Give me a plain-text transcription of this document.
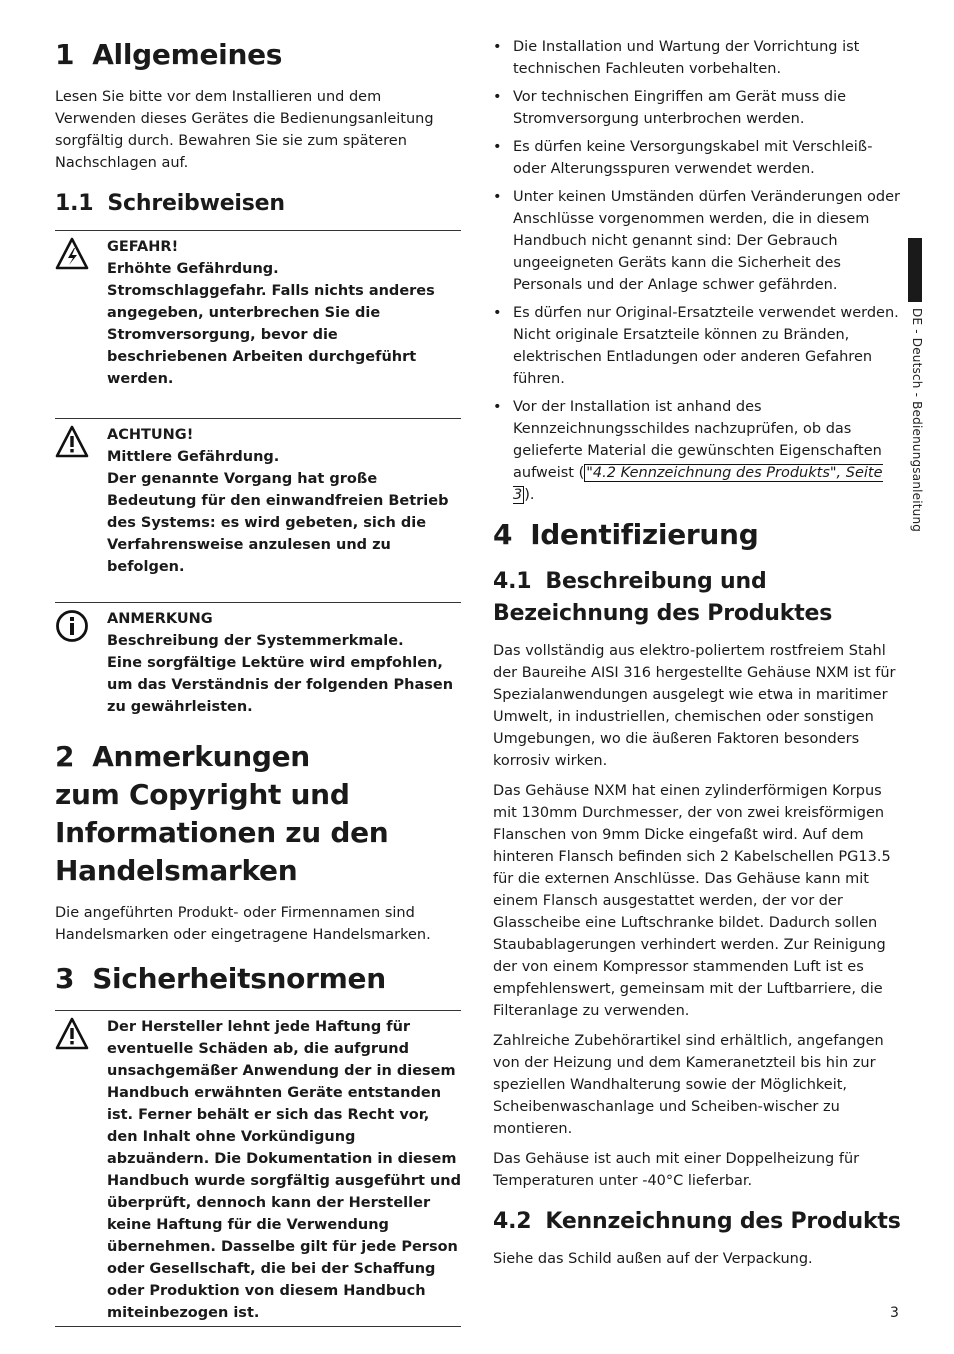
1 Allgemeines

Lesen Sie bitte vor dem Installieren und dem Verwenden dieses Gerätes die Bedienungsanleitung sorgfältig durch. Bewahren Sie sie zum späteren Nachschlagen auf.

1.1 Schreibweisen
GEFAHR!
Erhöhte Gefährdung.
Stromschlaggefahr. Falls nichts anderes angegeben, unterbrechen Sie die Stromversorgung, bevor die beschriebenen Arbeiten durchgeführt werden.
ACHTUNG!
Mittlere Gefährdung.
Der genannte Vorgang hat große Bedeutung für den einwandfreien Betrieb des Systems: es wird gebeten, sich die Verfahrensweise anzulesen und zu befolgen.
ANMERKUNG
Beschreibung der Systemmerkmale.
Eine sorgfältige Lektüre wird empfohlen, um das Verständnis der folgenden Phasen zu gewährleisten.
2 Anmerkungen
zum Copyright und
Informationen zu den
Handelsmarken

Die angeführten Produkt- oder Firmennamen sind Handelsmarken oder eingetragene Handelsmarken.

3 Sicherheitsnormen
Der Hersteller lehnt jede Haftung für eventuelle Schäden ab, die aufgrund unsachgemäßer Anwendung der in diesem Handbuch erwähnten Geräte entstanden ist. Ferner behält er sich das Recht vor, den Inhalt ohne Vorkündigung abzuändern. Die Dokumentation in diesem Handbuch wurde sorgfältig ausgeführt und überprüft, dennoch kann der Hersteller keine Haftung für die Verwendung übernehmen. Dasselbe gilt für jede Person oder Gesellschaft, die bei der Schaffung oder Produktion von diesem Handbuch miteinbezogen ist.
• Die Installation und Wartung der Vorrichtung ist technischen Fachleuten vorbehalten.
• Vor technischen Eingriffen am Gerät muss die Stromversorgung unterbrochen werden.
• Es dürfen keine Versorgungskabel mit Verschleiß- oder Alterungsspuren verwendet werden.
• Unter keinen Umständen dürfen Veränderungen oder Anschlüsse vorgenommen werden, die in diesem Handbuch nicht genannt sind: Der Gebrauch ungeeigneten Geräts kann die Sicherheit des Personals und der Anlage schwer gefährden.
• Es dürfen nur Original-Ersatzteile verwendet werden. Nicht originale Ersatzteile können zu Bränden, elektrischen Entladungen oder anderen Gefahren führen.
• Vor der Installation ist anhand des Kennzeichnungsschildes nachzuprüfen, ob das gelieferte Material die gewünschten Eigenschaften aufweist ( "4.2 Kennzeichnung des Produkts", Seite 3 ).
4 Identifizierung
4.1 Beschreibung und
Bezeichnung des Produktes

Das vollständig aus elektro-poliertem rostfreiem Stahl der Baureihe AISI 316 hergestellte Gehäuse NXM ist für Spezialanwendungen ausgelegt wie etwa in maritimer Umwelt, in industriellen, chemischen oder sonstigen Umgebungen, wo die äußeren Faktoren besonders korrosiv wirken.

Das Gehäuse NXM hat einen zylinderförmigen Korpus mit 130mm Durchmesser, der von zwei kreisförmigen Flanschen von 9mm Dicke eingefaßt wird. Auf dem hinteren Flansch befinden sich 2 Kabelschellen PG13.5 für die externen Anschlüsse. Das Gehäuse kann mit einem Flansch ausgestattet werden, der vor der Glasscheibe eine Luftschranke bildet. Dadurch sollen Staubablagerungen verhindert werden. Zur Reinigung der von einem Kompressor stammenden Luft ist es empfehlenswert, gemeinsam mit der Luftbarriere, die Filteranlage zu verwenden.

Zahlreiche Zubehörartikel sind erhältlich, angefangen von der Heizung und dem Kameranetzteil bis hin zur speziellen Wandhalterung sowie der Möglichkeit, Scheibenwaschanlage und Scheiben-wischer zu montieren.

Das Gehäuse ist auch mit einer Doppelheizung für Temperaturen unter -40°C lieferbar.

4.2 Kennzeichnung des Produkts

Siehe das Schild außen auf der Verpackung.

DE - Deutsch - Bedienungsanleitung
3
